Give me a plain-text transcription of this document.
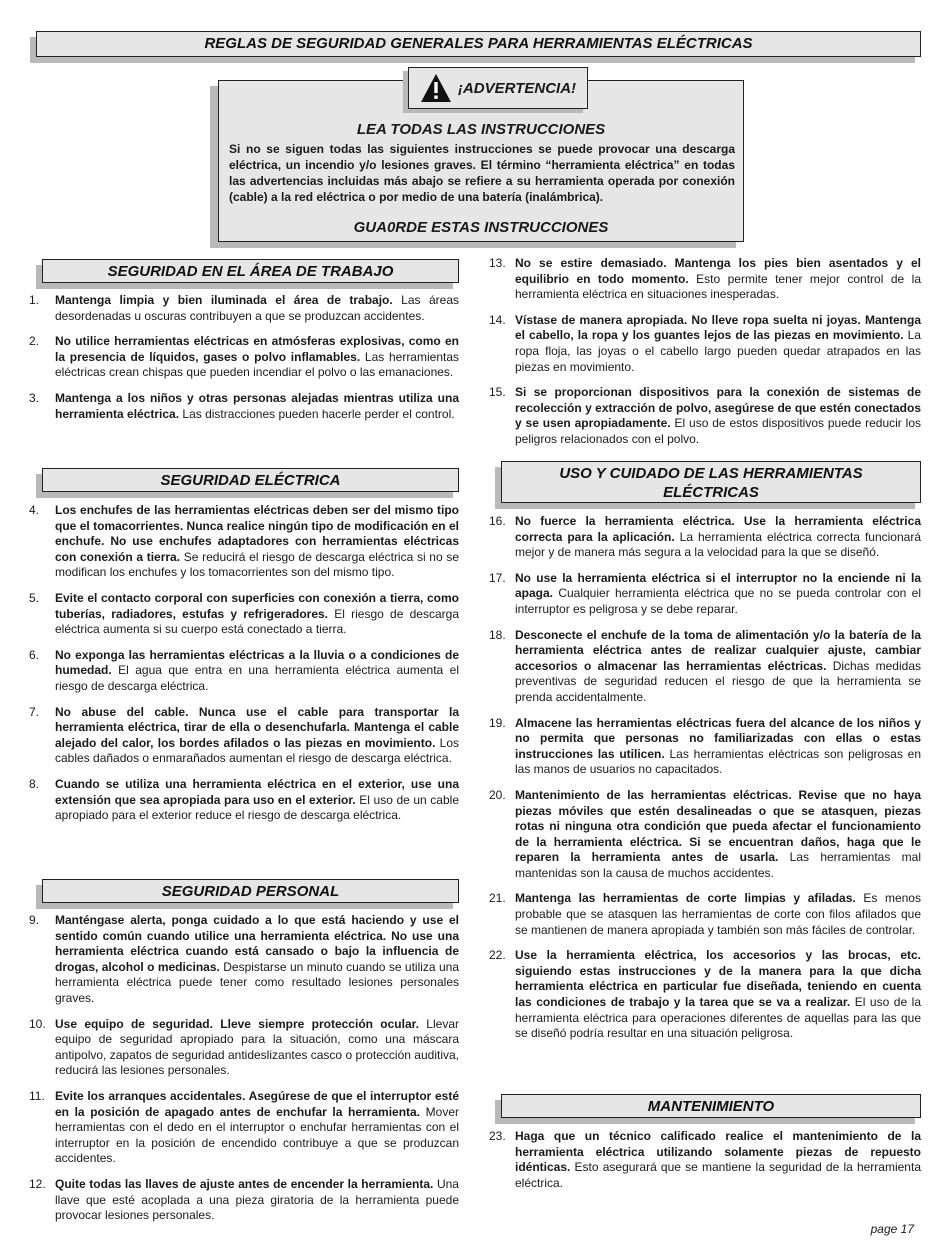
REGLAS DE SEGURIDAD GENERALES PARA HERRAMIENTAS ELÉCTRICAS
LEA TODAS LAS INSTRUCCIONES
Si no se siguen todas las siguientes instrucciones se puede provocar una descarga eléctrica, un incendio y/o lesiones graves. El término “herramienta eléctrica” en todas las advertencias incluidas más abajo se refiere a su herramienta operada por conexión (cable) a la red eléctrica o por medio de una batería (inalámbrica).
GUA0RDE ESTAS INSTRUCCIONES
¡ADVERTENCIA!
SEGURIDAD EN EL ÁREA DE TRABAJO
1. Mantenga limpia y bien iluminada el área de trabajo. Las áreas desordenadas u oscuras contribuyen a que se produzcan accidentes.
2. No utilice herramientas eléctricas en atmósferas explosivas, como en la presencia de líquidos, gases o polvo inflamables. Las herramientas eléctricas crean chispas que pueden incendiar el polvo o las emanaciones.
3. Mantenga a los niños y otras personas alejadas mientras utiliza una herramienta eléctrica. Las distracciones pueden hacerle perder el control.
SEGURIDAD ELÉCTRICA
4. Los enchufes de las herramientas eléctricas deben ser del mismo tipo que el tomacorrientes. Nunca realice ningún tipo de modificación en el enchufe. No use enchufes adaptadores con herramientas eléctricas con conexión a tierra. Se reducirá el riesgo de descarga eléctrica si no se modifican los enchufes y los tomacorrientes son del mismo tipo.
5. Evite el contacto corporal con superficies con conexión a tierra, como tuberías, radiadores, estufas y refrigeradores. El riesgo de descarga eléctrica aumenta si su cuerpo está conectado a tierra.
6. No exponga las herramientas eléctricas a la lluvia o a condiciones de humedad. El agua que entra en una herramienta eléctrica aumenta el riesgo de descarga eléctrica.
7. No abuse del cable. Nunca use el cable para transportar la herramienta eléctrica, tirar de ella o desenchufarla. Mantenga el cable alejado del calor, los bordes afilados o las piezas en movimiento. Los cables dañados o enmarañados aumentan el riesgo de descarga eléctrica.
8. Cuando se utiliza una herramienta eléctrica en el exterior, use una extensión que sea apropiada para uso en el exterior. El uso de un cable apropiado para el exterior reduce el riesgo de descarga eléctrica.
SEGURIDAD PERSONAL
9. Manténgase alerta, ponga cuidado a lo que está haciendo y use el sentido común cuando utilice una herramienta eléctrica. No use una herramienta eléctrica cuando está cansado o bajo la influencia de drogas, alcohol o medicinas. Despistarse un minuto cuando se utiliza una herramienta eléctrica puede tener como resultado lesiones personales graves.
10. Use equipo de seguridad. Lleve siempre protección ocular. Llevar equipo de seguridad apropiado para la situación, como una máscara antipolvo, zapatos de seguridad antideslizantes casco o protección auditiva, reducirá las lesiones personales.
11. Evite los arranques accidentales. Asegúrese de que el interruptor esté en la posición de apagado antes de enchufar la herramienta. Mover herramientas con el dedo en el interruptor o enchufar herramientas con el interruptor en la posición de encendido contribuye a que se produzcan accidentes.
12. Quite todas las llaves de ajuste antes de encender la herramienta. Una llave que esté acoplada a una pieza giratoria de la herramienta puede provocar lesiones personales.
13. No se estire demasiado. Mantenga los pies bien asentados y el equilibrio en todo momento. Esto permite tener mejor control de la herramienta eléctrica en situaciones inesperadas.
14. Vístase de manera apropiada. No lleve ropa suelta ni joyas. Mantenga el cabello, la ropa y los guantes lejos de las piezas en movimiento. La ropa floja, las joyas o el cabello largo pueden quedar atrapados en las piezas en movimiento.
15. Si se proporcionan dispositivos para la conexión de sistemas de recolección y extracción de polvo, asegúrese de que estén conectados y se usen apropiadamente. El uso de estos dispositivos puede reducir los peligros relacionados con el polvo.
USO Y CUIDADO DE LAS HERRAMIENTAS
ELÉCTRICAS
16. No fuerce la herramienta eléctrica. Use la herramienta eléctrica correcta para la aplicación. La herramienta eléctrica correcta funcionará mejor y de manera más segura a la velocidad para la que se diseñó.
17. No use la herramienta eléctrica si el interruptor no la enciende ni la apaga. Cualquier herramienta eléctrica que no se pueda controlar con el interruptor es peligrosa y se debe reparar.
18. Desconecte el enchufe de la toma de alimentación y/o la batería de la herramienta eléctrica antes de realizar cualquier ajuste, cambiar accesorios o almacenar las herramientas eléctricas. Dichas medidas preventivas de seguridad reducen el riesgo de que la herramienta se prenda accidentalmente.
19. Almacene las herramientas eléctricas fuera del alcance de los niños y no permita que personas no familiarizadas con ellas o estas instrucciones las utilicen. Las herramientas eléctricas son peligrosas en las manos de usuarios no capacitados.
20. Mantenimiento de las herramientas eléctricas. Revise que no haya piezas móviles que estén desalineadas o que se atasquen, piezas rotas ni ninguna otra condición que pueda afectar el funcionamiento de la herramienta eléctrica. Si se encuentran daños, haga que le reparen la herramienta antes de usarla. Las herramientas mal mantenidas son la causa de muchos accidentes.
21. Mantenga las herramientas de corte limpias y afiladas. Es menos probable que se atasquen las herramientas de corte con filos afilados que se mantienen de manera apropiada y también son más fáciles de controlar.
22. Use la herramienta eléctrica, los accesorios y las brocas, etc. siguiendo estas instrucciones y de la manera para la que dicha herramienta eléctrica en particular fue diseñada, teniendo en cuenta las condiciones de trabajo y la tarea que se va a realizar. El uso de la herramienta eléctrica para operaciones diferentes de aquellas para las que se diseñó podría resultar en una situación peligrosa.
MANTENIMIENTO
23. Haga que un técnico calificado realice el mantenimiento de la herramienta eléctrica utilizando solamente piezas de repuesto idénticas. Esto asegurará que se mantiene la seguridad de la herramienta eléctrica.
page 17
